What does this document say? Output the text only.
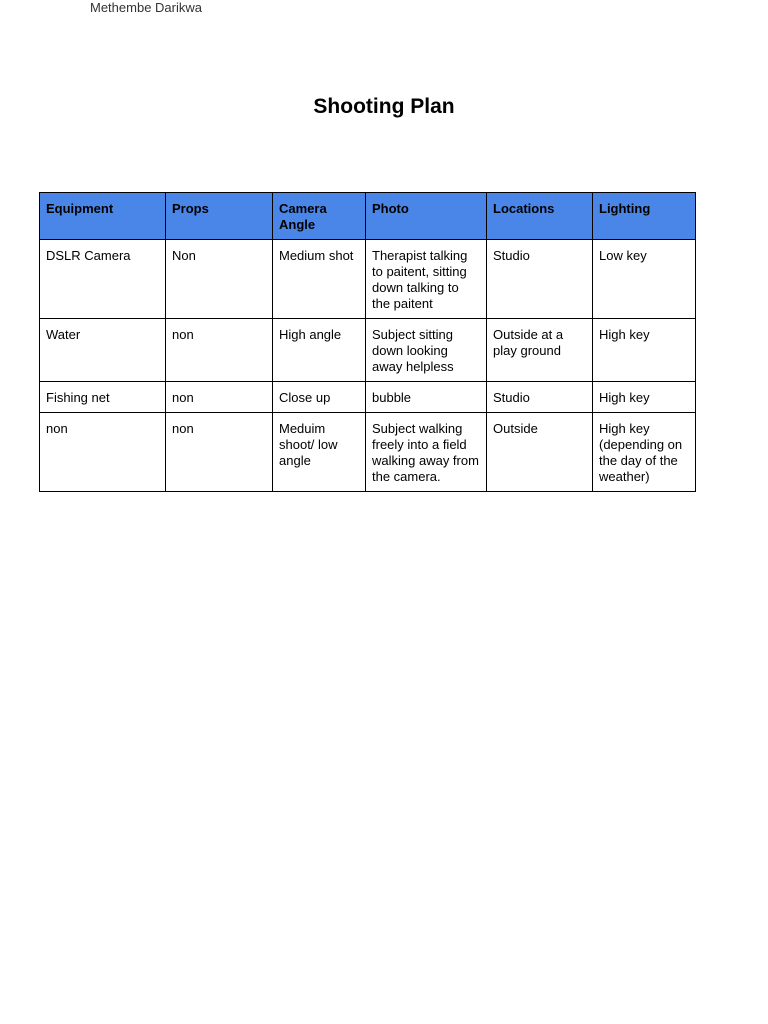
Methembe Darikwa
Shooting Plan
Equipment	Props	Camera Angle	Photo	Locations	Lighting
DSLR Camera	Non	Medium shot	Therapist talking to paitent, sitting down talking to the paitent	Studio	Low key
Water	non	High angle	Subject sitting down looking away helpless	Outside at a play ground	High key
Fishing net	non	Close up	bubble	Studio	High key
non	non	Meduim shoot/ low angle	Subject walking freely into a field walking away from the camera.	Outside	High key (depending on the day of the weather)
